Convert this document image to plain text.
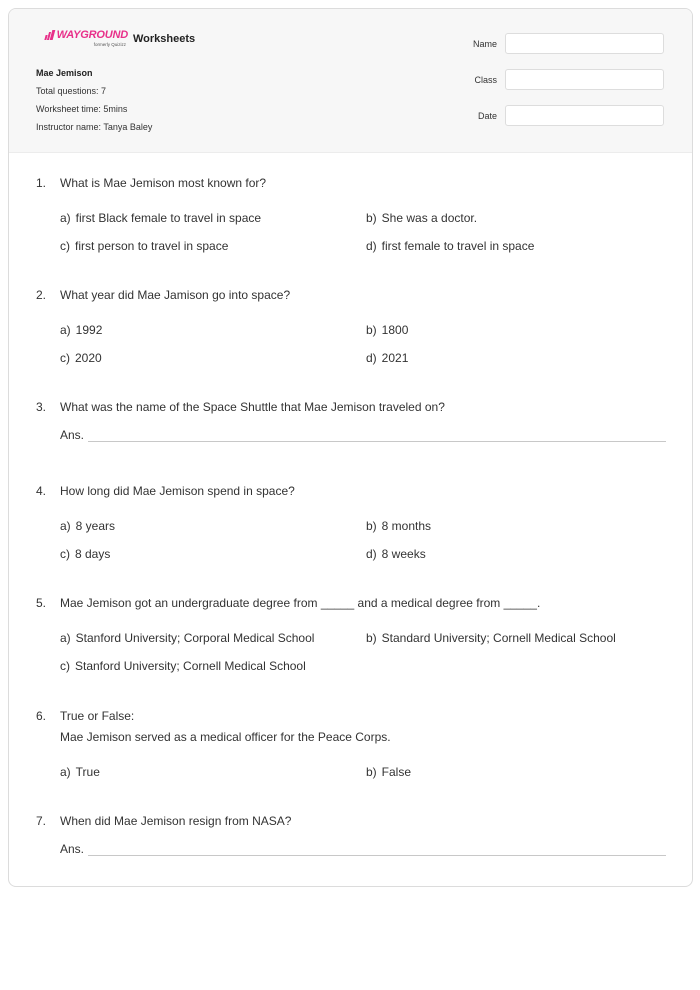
WAYGROUND
formerly Quizizz Worksheets
Mae Jemison
Total questions: 7
Worksheet time: 5mins
Instructor name: Tanya Baley
Name
Class
Date
1. What is Mae Jemison most known for?
a) first Black female to travel in space	b) She was a doctor.
c) first person to travel in space	d) first female to travel in space
2. What year did Mae Jamison go into space?
a) 1992	b) 1800
c) 2020	d) 2021
3. What was the name of the Space Shuttle that Mae Jemison traveled on?
Ans.
4. How long did Mae Jemison spend in space?
a) 8 years	b) 8 months
c) 8 days	d) 8 weeks
5. Mae Jemison got an undergraduate degree from _____ and a medical degree from _____.
a) Stanford University; Corporal Medical School	b) Standard University; Cornell Medical School
c) Stanford University; Cornell Medical School
6. True or False:
Mae Jemison served as a medical officer for the Peace Corps.
a) True	b) False
7. When did Mae Jemison resign from NASA?
Ans.
